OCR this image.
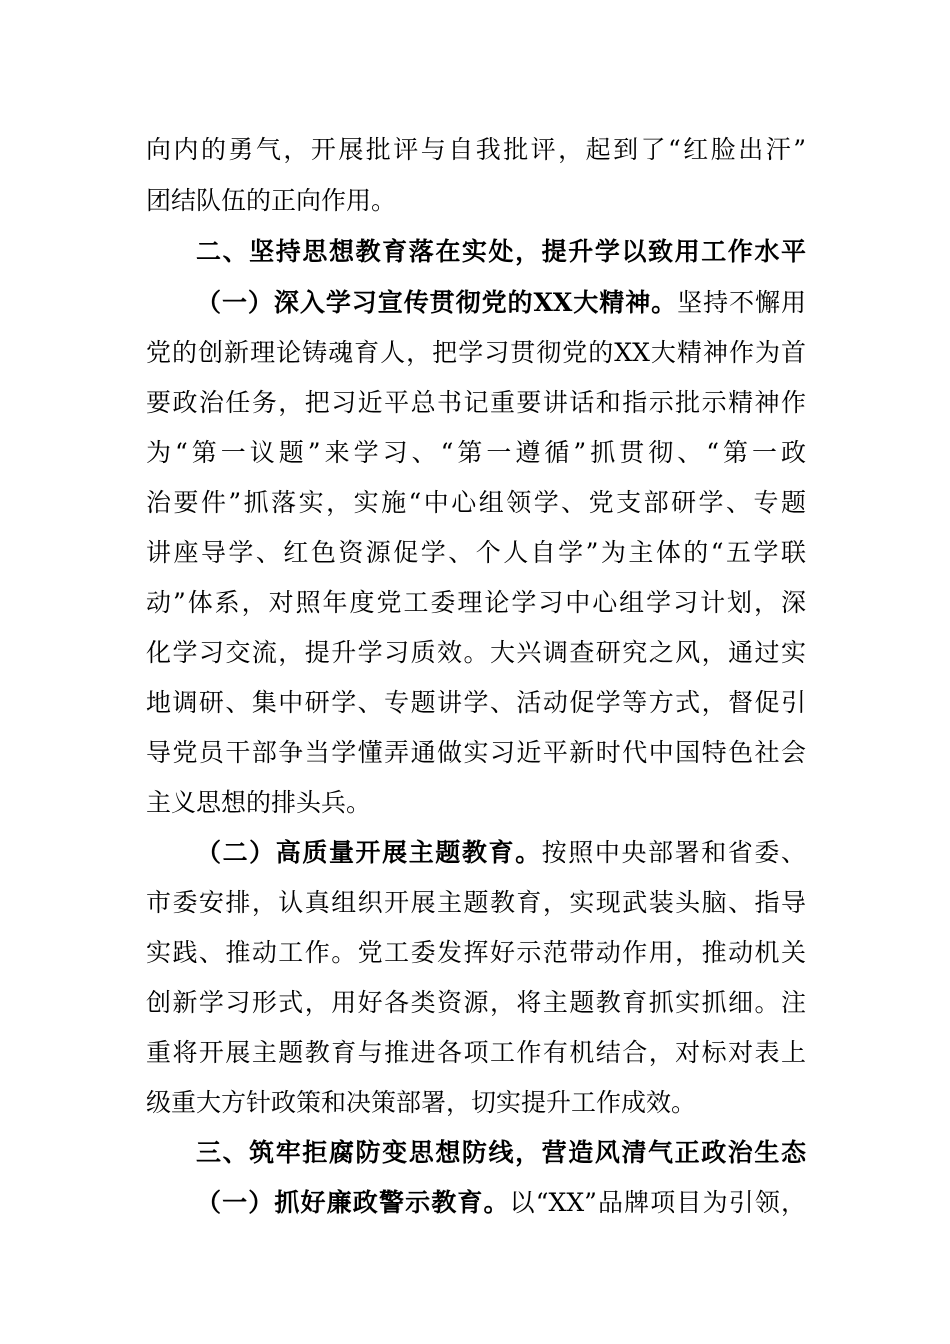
向内的勇气，开展批评与自我批评，起到了“红脸出汗”
团结队伍的正向作用。
二、坚持思想教育落在实处，提升学以致用工作水平
（一）深入学习宣传贯彻党的XX大精神。坚持不懈用
党的创新理论铸魂育人，把学习贯彻党的XX大精神作为首
要政治任务，把习近平总书记重要讲话和指示批示精神作
为“第一议题”来学习、“第一遵循”抓贯彻、“第一政
治要件”抓落实，实施“中心组领学、党支部研学、专题
讲座导学、红色资源促学、个人自学”为主体的“五学联
动”体系，对照年度党工委理论学习中心组学习计划，深
化学习交流，提升学习质效。大兴调查研究之风，通过实
地调研、集中研学、专题讲学、活动促学等方式，督促引
导党员干部争当学懂弄通做实习近平新时代中国特色社会
主义思想的排头兵。
（二）高质量开展主题教育。按照中央部署和省委、
市委安排，认真组织开展主题教育，实现武装头脑、指导
实践、推动工作。党工委发挥好示范带动作用，推动机关
创新学习形式，用好各类资源，将主题教育抓实抓细。注
重将开展主题教育与推进各项工作有机结合，对标对表上
级重大方针政策和决策部署，切实提升工作成效。
三、筑牢拒腐防变思想防线，营造风清气正政治生态
（一）抓好廉政警示教育。以“XX”品牌项目为引领，
